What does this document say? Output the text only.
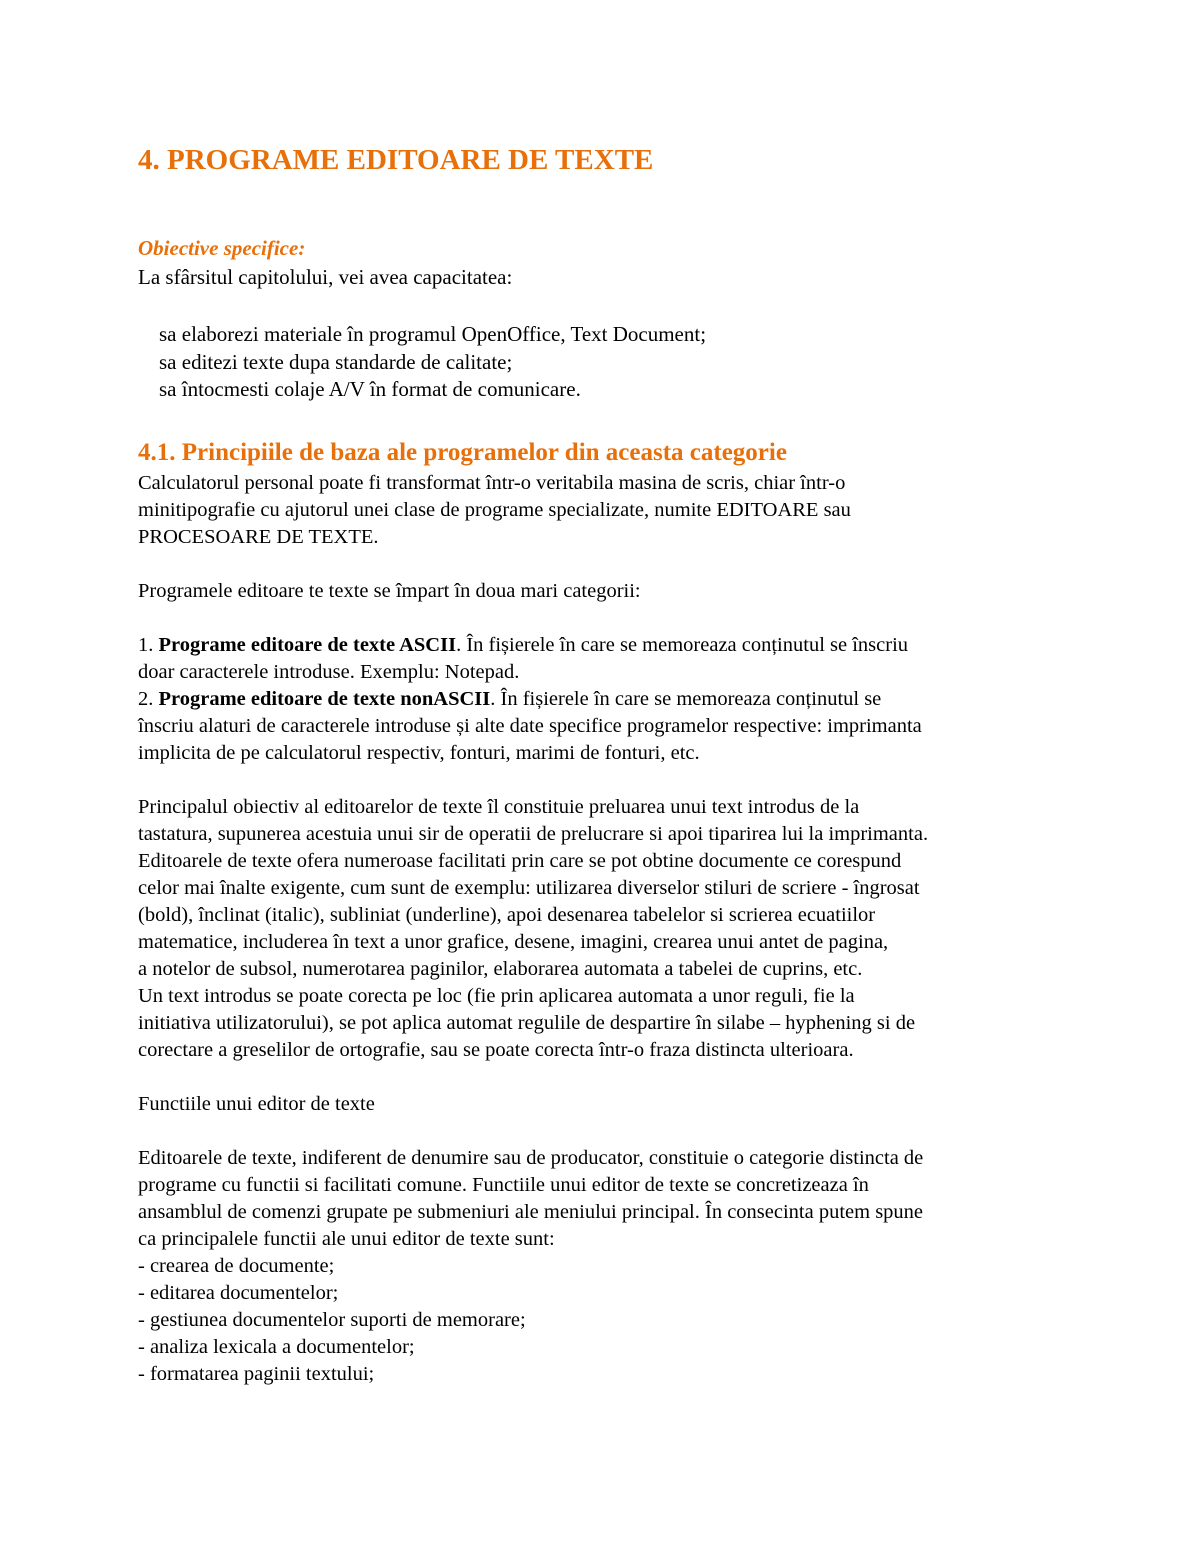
4. PROGRAME EDITOARE DE TEXTE
Obiective specifice:

La sfârsitul capitolului, vei avea capacitatea:

sa elaborezi materiale în programul OpenOffice, Text Document;
sa editezi texte dupa standarde de calitate;
sa întocmesti colaje A/V în format de comunicare.
4.1. Principiile de baza ale programelor din aceasta categorie

Calculatorul personal poate fi transformat într-o veritabila masina de scris, chiar într-o
minitipografie cu ajutorul unei clase de programe specializate, numite EDITOARE sau
PROCESOARE DE TEXTE.

Programele editoare te texte se împart în doua mari categorii:

1. Programe editoare de texte ASCII. În fișierele în care se memoreaza conținutul se înscriu
doar caracterele introduse. Exemplu: Notepad.

2. Programe editoare de texte nonASCII. În fișierele în care se memoreaza conținutul se
înscriu alaturi de caracterele introduse și alte date specifice programelor respective: imprimanta
implicita de pe calculatorul respectiv, fonturi, marimi de fonturi, etc.

Principalul obiectiv al editoarelor de texte îl constituie preluarea unui text introdus de la
tastatura, supunerea acestuia unui sir de operatii de prelucrare si apoi tiparirea lui la imprimanta.
Editoarele de texte ofera numeroase facilitati prin care se pot obtine documente ce corespund
celor mai înalte exigente, cum sunt de exemplu: utilizarea diverselor stiluri de scriere - îngrosat
(bold), înclinat (italic), subliniat (underline), apoi desenarea tabelelor si scrierea ecuatiilor
matematice, includerea în text a unor grafice, desene, imagini, crearea unui antet de pagina,
a notelor de subsol, numerotarea paginilor, elaborarea automata a tabelei de cuprins, etc.
Un text introdus se poate corecta pe loc (fie prin aplicarea automata a unor reguli, fie la
initiativa utilizatorului), se pot aplica automat regulile de despartire în silabe – hyphening si de
corectare a greselilor de ortografie, sau se poate corecta într-o fraza distincta ulterioara.

Functiile unui editor de texte

Editoarele de texte, indiferent de denumire sau de producator, constituie o categorie distincta de
programe cu functii si facilitati comune. Functiile unui editor de texte se concretizeaza în
ansamblul de comenzi grupate pe submeniuri ale meniului principal. În consecinta putem spune
ca principalele functii ale unui editor de texte sunt:

- crearea de documente;
- editarea documentelor;
- gestiunea documentelor suporti de memorare;
- analiza lexicala a documentelor;
- formatarea paginii textului;
